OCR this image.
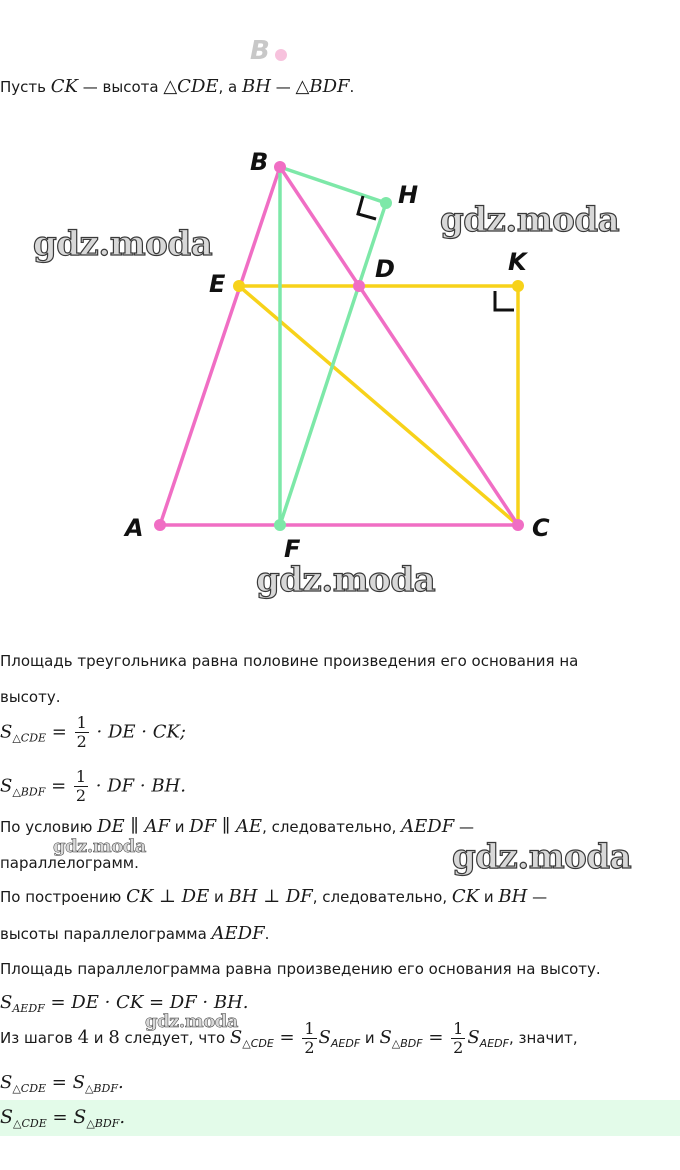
B
Пусть CK — высота △CDE, а BH — △BDF.
B
H
E
D	K
A	C
F
gdz.moda
gdz.moda
gdz.moda
gdz.moda
gdz.moda
gdz.moda
Площадь треугольника равна половине произведения его основания на
высоту.
$S_{\triangle CDE} = \frac{1}{2}$ · DE · CK;
$S_{\triangle BDF} = \frac{1}{2}$ · DF · BH.
По условию DE ∥ AF и DF ∥ AE, следовательно, AEDF —
параллелограмм.
По построению CK ⊥ DE и BH ⊥ DF, следовательно, CK и BH —
высоты параллелограмма AEDF.
Площадь параллелограмма равна произведению его основания на высоту.
$S_{AEDF}$ = DE · CK = DF · BH.
Из шагов 4 и 8 следует, что $S_{\triangle CDE} = \frac{1}{2} S_{AEDF}$ и $S_{\triangle BDF} = \frac{1}{2} S_{AEDF}$, значит,
$S_{\triangle CDE} = S_{\triangle BDF}$.
$S_{\triangle CDE} = S_{\triangle BDF}$.
